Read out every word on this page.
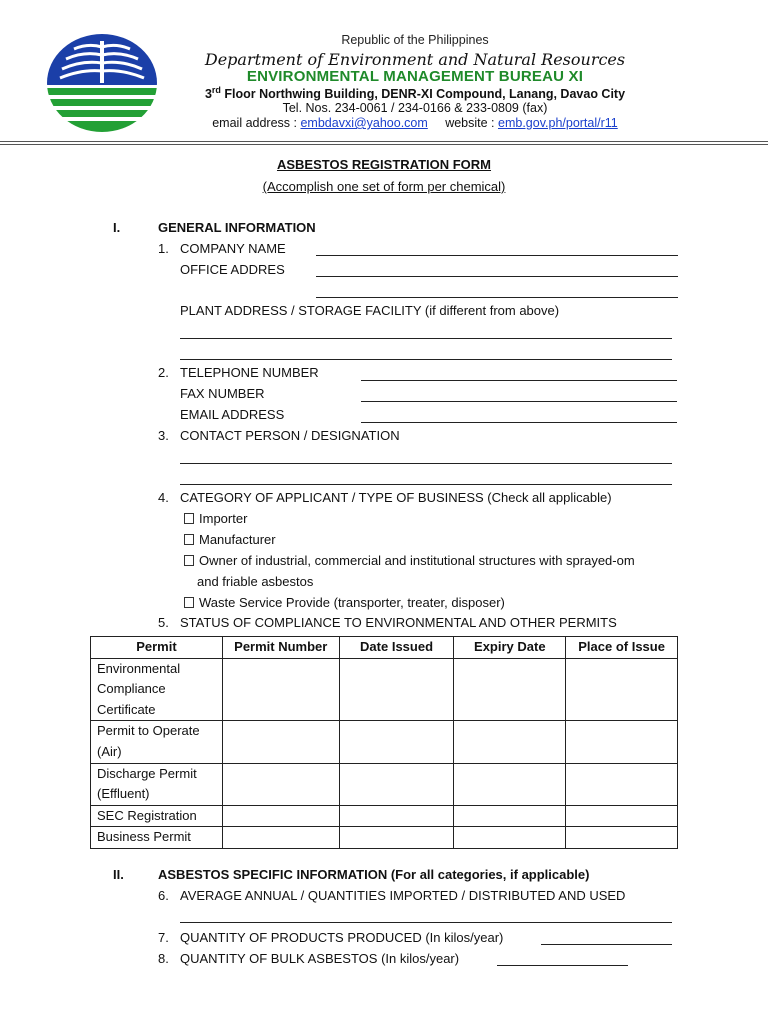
Republic of the Philippines
Department of Environment and Natural Resources
ENVIRONMENTAL MANAGEMENT BUREAU XI
3rd Floor Northwing Building, DENR-XI Compound, Lanang, Davao City
Tel. Nos. 234-0061 / 234-0166 & 233-0809 (fax)
email address : embdavxi@yahoo.com website : emb.gov.ph/portal/r11
ASBESTOS REGISTRATION FORM
(Accomplish one set of form per chemical)
I.	GENERAL INFORMATION
1. COMPANY NAME
OFFICE ADDRES
PLANT ADDRESS / STORAGE FACILITY (if different from above)
2. TELEPHONE NUMBER
FAX NUMBER
EMAIL ADDRESS
3. CONTACT PERSON / DESIGNATION
4. CATEGORY OF APPLICANT / TYPE OF BUSINESS (Check all applicable)
Importer
Manufacturer
Owner of industrial, commercial and institutional structures with sprayed-om
and friable asbestos
Waste Service Provide (transporter, treater, disposer)
5. STATUS OF COMPLIANCE TO ENVIRONMENTAL AND OTHER PERMITS
Permit	Permit Number	Date Issued	Expiry Date	Place of Issue

Environmental
Compliance
Certificate				

Permit to Operate
(Air)				

Discharge Permit
(Effluent)				

SEC Registration				

Business Permit				

II.	ASBESTOS SPECIFIC INFORMATION (For all categories, if applicable)
6. AVERAGE ANNUAL / QUANTITIES IMPORTED / DISTRIBUTED AND USED
7. QUANTITY OF PRODUCTS PRODUCED (In kilos/year)
8. QUANTITY OF BULK ASBESTOS (In kilos/year)
